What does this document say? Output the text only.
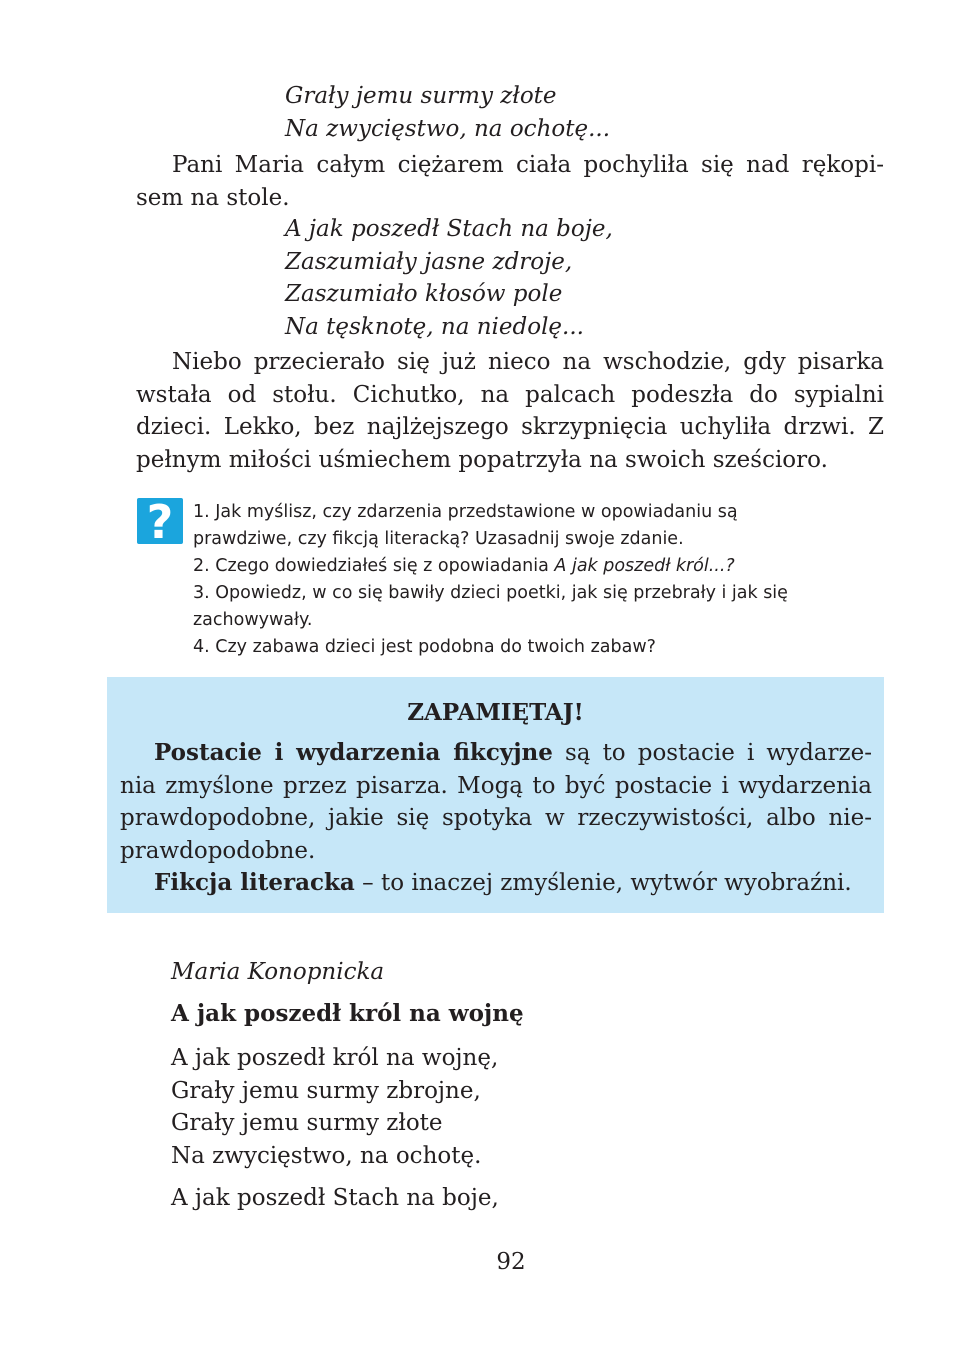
Grały jemu surmy złote
Na zwycięstwo, na ochotę...
Pani Maria całym ciężarem ciała pochyliła się nad rękopi-
sem na stole.
A jak poszedł Stach na boje,
Zaszumiały jasne zdroje,
Zaszumiało kłosów pole
Na tęsknotę, na niedolę...
Niebo przecierało się już nieco na wschodzie, gdy pisarka
wstała od stołu. Cichutko, na palcach podeszła do sypialni
dzieci. Lekko, bez najlżejszego skrzypnięcia uchyliła drzwi. Z
pełnym miłości uśmiechem popatrzyła na swoich sześcioro.
?	1. Jak myślisz, czy zdarzenia przedstawione w opowiadaniu są
prawdziwe, czy fikcją literacką? Uzasadnij swoje zdanie.
2. Czego dowiedziałeś się z opowiadania A jak poszedł król...?
3. Opowiedz, w co się bawiły dzieci poetki, jak się przebrały i jak się
zachowywały.
4. Czy zabawa dzieci jest podobna do twoich zabaw?
ZAPAMIĘTAJ!
Postacie i wydarzenia fikcyjne są to postacie i wydarze-
nia zmyślone przez pisarza. Mogą to być postacie i wydarzenia
prawdopodobne, jakie się spotyka w rzeczywistości, albo nie-
prawdopodobne.
Fikcja literacka – to inaczej zmyślenie, wytwór wyobraźni.
Maria Konopnicka
A jak poszedł król na wojnę
A jak poszedł król na wojnę,
Grały jemu surmy zbrojne,
Grały jemu surmy złote
Na zwycięstwo, na ochotę.
A jak poszedł Stach na boje,
92
